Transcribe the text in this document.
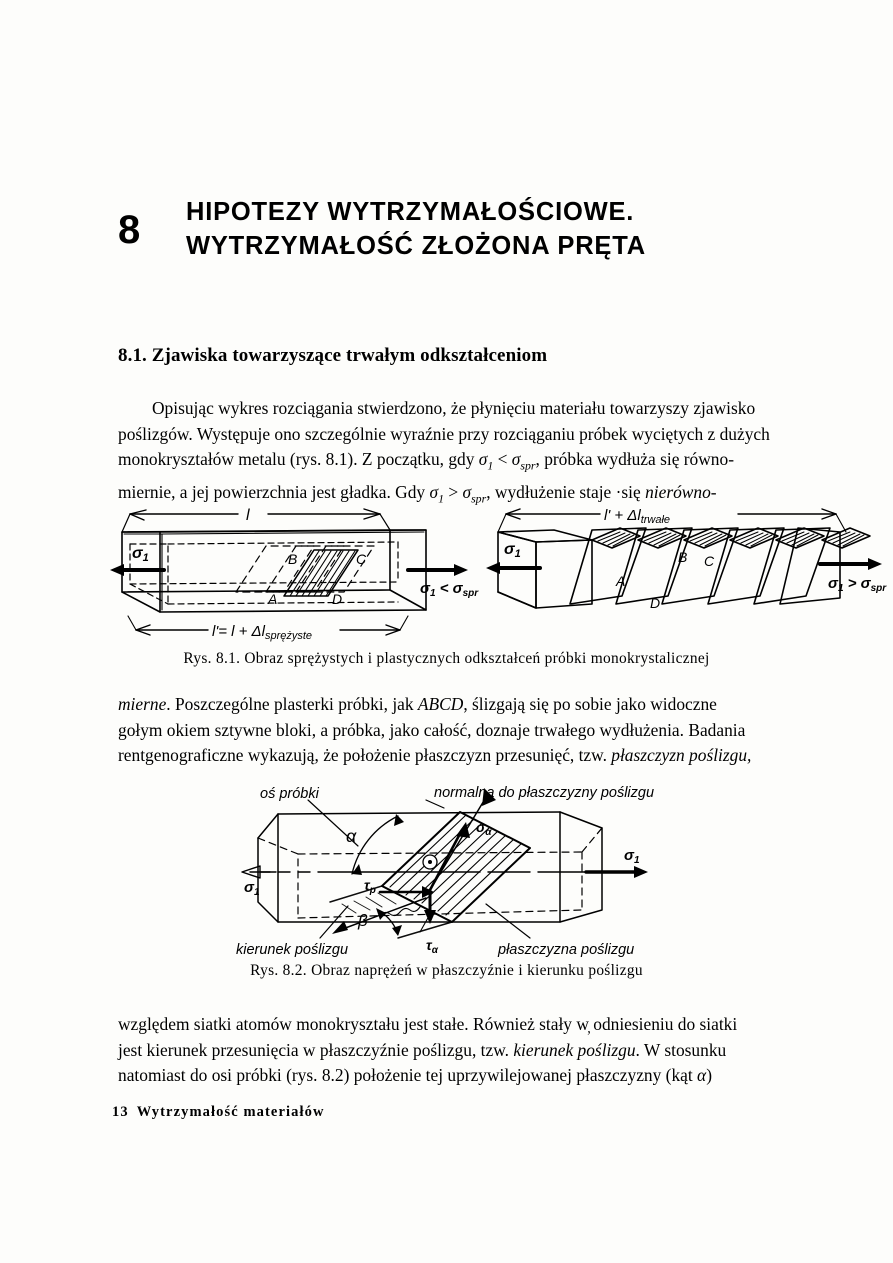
8	HIPOTEZY WYTRZYMAŁOŚCIOWE.
WYTRZYMAŁOŚĆ ZŁOŻONA PRĘTA
8.1. Zjawiska towarzyszące trwałym odkształceniom

Opisując wykres rozciągania stwierdzono, że płynięciu materiału towarzyszy zjawisko
poślizgów. Występuje ono szczególnie wyraźnie przy rozciąganiu próbek wyciętych z dużych
monokryształów metalu (rys. 8.1). Z początku, gdy $\sigma_1 < \sigma_{spr}$, próbka wydłuża się równo-
miernie, a jej powierzchnia jest gładka. Gdy $\sigma_1 > \sigma_{spr}$, wydłużenie staje ·się nierówno-

l
B	C
A	D
σ1
$\sigma_1 < \sigma_{spr}$
$l'= l + \Delta l_{sprężyste}$
$l' + \Delta l_{trwałe}$
A
B C
D
σ1
$\sigma_1 > \sigma_{spr}$
Rys. 8.1. Obraz sprężystych i plastycznych odkształceń próbki monokrystalicznej

mierne. Poszczególne plasterki próbki, jak ABCD, ślizgają się po sobie jako widoczne
gołym okiem sztywne bloki, a próbka, jako całość, doznaje trwałego wydłużenia. Badania
rentgenograficzne wykazują, że położenie płaszczyzn przesunięć, tzw. płaszczyzn poślizgu,

$\sigma_1$
$\sigma_1$
$\sigma_\alpha$
$\tau_\alpha$
$\tau_p$
α
β
oś próbki	normalna do płaszczyzny poślizgu
kierunek poślizgu	płaszczyzna poślizgu
Rys. 8.2. Obraz naprężeń w płaszczyźnie i kierunku poślizgu

względem siatki atomów monokryształu jest stałe. Również stały w̦ odniesieniu do siatki
jest kierunek przesunięcia w płaszczyźnie poślizgu, tzw. kierunek poślizgu. W stosunku
natomiast do osi próbki (rys. 8.2) położenie tej uprzywilejowanej płaszczyzny (kąt α)

13 Wytrzymałość materiałów
